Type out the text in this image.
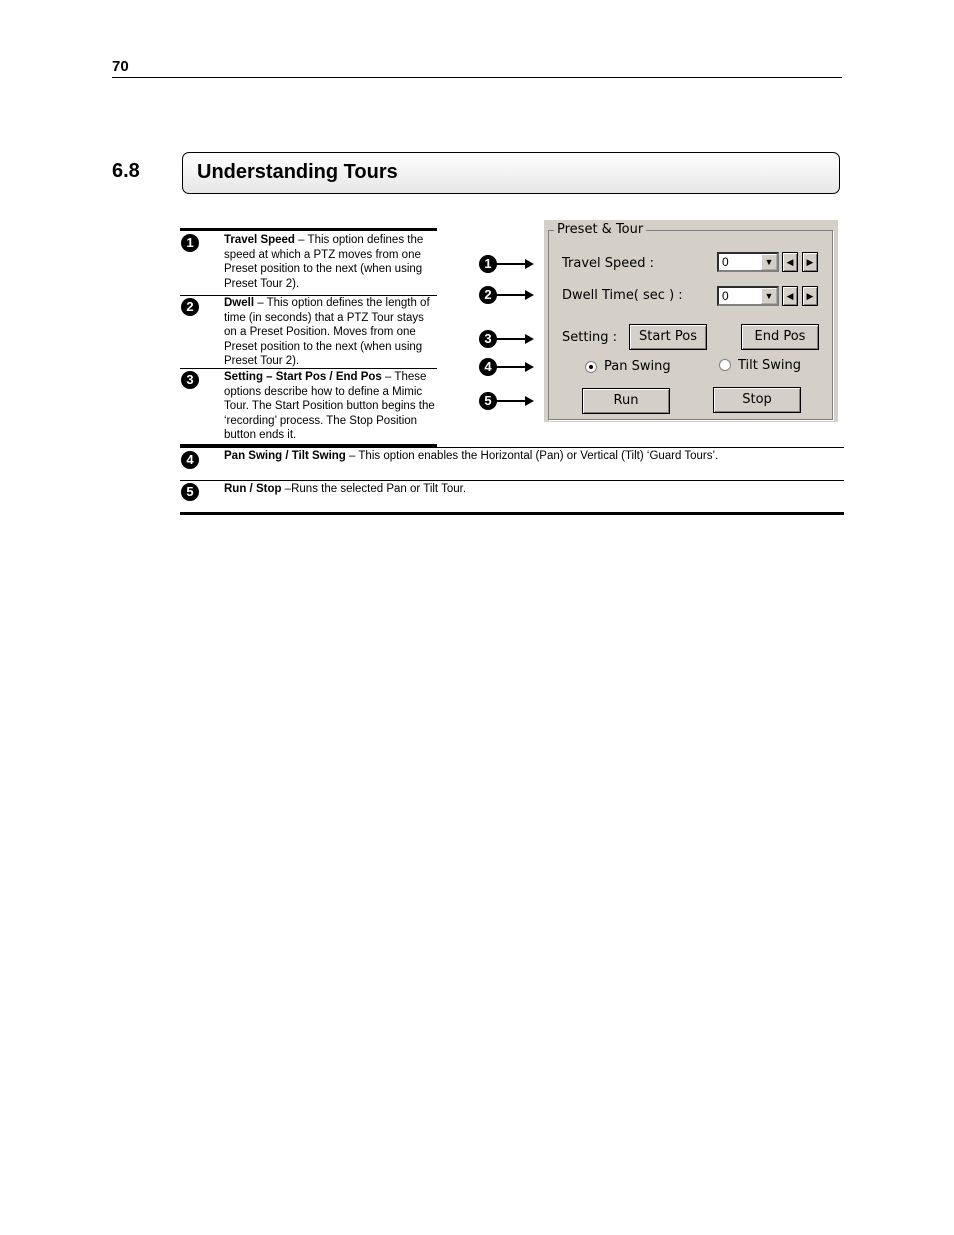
70
6.8	Understanding Tours
1	Travel Speed – This option defines the speed at which a PTZ moves from one Preset position to the next (when using Preset Tour 2).
2	Dwell – This option defines the length of time (in seconds) that a PTZ Tour stays on a Preset Position. Moves from one Preset position to the next (when using Preset Tour 2).
3	Setting – Start Pos / End Pos – These options describe how to define a Mimic Tour. The Start Position button begins the ‘recording’ process. The Stop Position button ends it.
4	Pan Swing / Tilt Swing – This option enables the Horizontal (Pan) or Vertical (Tilt) ‘Guard Tours’.
5	Run / Stop –Runs the selected Pan or Tilt Tour.
1
2
3
4
5
Preset & Tour
Travel Speed :	0	▼	◀	▶
Dwell Time( sec ) :	0	▼	◀	▶
Setting :	Start Pos	End Pos
Pan Swing	Tilt Swing
Run	Stop
